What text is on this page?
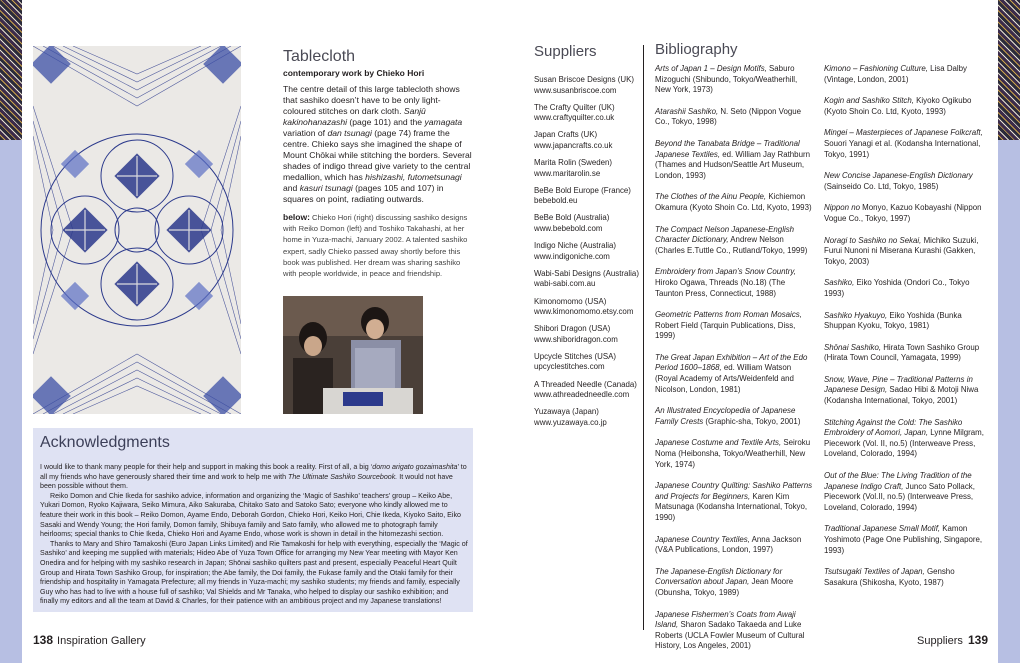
Tablecloth
contemporary work by Chieko Hori
The centre detail of this large tablecloth shows that sashiko doesn’t have to be only light-coloured stitches on dark cloth. Sanjū kakinohanazashi (page 101) and the yamagata variation of dan tsunagi (page 74) frame the centre. Chieko says she imagined the shape of Mount Chōkai while stitching the borders. Several shades of indigo thread give variety to the central medallion, which has hishizashi, futometsunagi and kasuri tsunagi (pages 105 and 107) in squares on point, radiating outwards.
below: Chieko Hori (right) discussing sashiko designs with Reiko Domon (left) and Toshiko Takahashi, at her home in Yuza-machi, January 2002. A talented sashiko expert, sadly Chieko passed away shortly before this book was published. Her dream was sharing sashiko with people worldwide, in peace and friendship.
Acknowledgments

I would like to thank many people for their help and support in making this book a reality. First of all, a big ‘domo arigato gozaimashita’ to all my friends who have generously shared their time and work to help me with The Ultimate Sashiko Sourcebook. It would not have been possible without them.

Reiko Domon and Chie Ikeda for sashiko advice, information and organizing the ‘Magic of Sashiko’ teachers’ group – Keiko Abe, Yukari Domon, Ryoko Kajiwara, Seiko Mimura, Aiko Sakuraba, Chitako Sato and Satoko Sato; everyone who kindly allowed me to feature their work in this book – Reiko Domon, Ayame Endo, Deborah Gordon, Chieko Hori, Keiko Hori, Chie Ikeda, Kiyoko Saito, Eiko Sasaki and Wendy Young; the Hori family, Domon family, Shibuya family and Sato family, who allowed me to photograph family heirlooms; special thanks to Chie Ikeda, Chieko Hori and Ayame Endo, whose work is shown in detail in the hitomezashi section.

Thanks to Mary and Shiro Tamakoshi (Euro Japan Links Limited) and Rie Tamakoshi for help with everything, especially the ‘Magic of Sashiko’ and keeping me supplied with materials; Hideo Abe of Yuza Town Office for arranging my New Year meeting with Mayor Ken Onedira and for helping with my sashiko research in Japan; Shōnai sashiko quilters past and present, especially Peaceful Heart Quilt Group and Hirata Town Sashiko Group, for inspiration; the Abe family, the Doi family, the Fukase family and the Otaki family for their friendship and hospitality in Yamagata Prefecture; all my friends in Yuza-machi; my sashiko students; my friends and family, especially Guy who has had to live with a house full of sashiko; Val Shields and Mr Tanaka, who helped to display our sashiko exhibition; and finally my editors and all the team at David & Charles, for their patience with an ambitious project and my Japanese translations!

138 Inspiration Gallery	Suppliers 139
Suppliers
Susan Briscoe Designs (UK)
www.susanbriscoe.com
The Crafty Quilter (UK)
www.craftyquilter.co.uk
Japan Crafts (UK)
www.japancrafts.co.uk
Marita Rolin (Sweden)
www.maritarolin.se
BeBe Bold Europe (France)
bebebold.eu
BeBe Bold (Australia)
www.bebebold.com
Indigo Niche (Australia)
www.indigoniche.com
Wabi-Sabi Designs (Australia)
wabi-sabi.com.au
Kimonomomo (USA)
www.kimonomomo.etsy.com
Shibori Dragon (USA)
www.shiboridragon.com
Upcycle Stitches (USA)
upcyclestitches.com
A Threaded Needle (Canada)
www.athreadedneedle.com
Yuzawaya (Japan)
www.yuzawaya.co.jp
Bibliography
Arts of Japan 1 – Design Motifs, Saburo Mizoguchi (Shibundo, Tokyo/Weatherhill, New York, 1973)
Atarashii Sashiko, N. Seto (Nippon Vogue Co., Tokyo, 1998)
Beyond the Tanabata Bridge – Traditional Japanese Textiles, ed. William Jay Rathburn (Thames and Hudson/Seattle Art Museum, London, 1993)
The Clothes of the Ainu People, Kichiemon Okamura (Kyoto Shoin Co. Ltd, Kyoto, 1993)
The Compact Nelson Japanese-English Character Dictionary, Andrew Nelson (Charles E.Tuttle Co., Rutland/Tokyo, 1999)
Embroidery from Japan’s Snow Country, Hiroko Ogawa, Threads (No.18) (The Taunton Press, Connecticut, 1988)
Geometric Patterns from Roman Mosaics, Robert Field (Tarquin Publications, Diss, 1999)
The Great Japan Exhibition – Art of the Edo Period 1600–1868, ed. William Watson (Royal Academy of Arts/Weidenfeld and Nicolson, London, 1981)
An Illustrated Encyclopedia of Japanese Family Crests (Graphic-sha, Tokyo, 2001)
Japanese Costume and Textile Arts, Seiroku Noma (Heibonsha, Tokyo/Weatherhill, New York, 1974)
Japanese Country Quilting: Sashiko Patterns and Projects for Beginners, Karen Kim Matsunaga (Kodansha International, Tokyo, 1990)
Japanese Country Textiles, Anna Jackson (V&A Publications, London, 1997)
The Japanese-English Dictionary for Conversation about Japan, Jean Moore (Obunsha, Tokyo, 1989)
Japanese Fishermen’s Coats from Awaji Island, Sharon Sadako Takaeda and Luke Roberts (UCLA Fowler Museum of Cultural History, Los Angeles, 2001)
Kimono – Fashioning Culture, Lisa Dalby (Vintage, London, 2001)
Kogin and Sashiko Stitch, Kiyoko Ogikubo (Kyoto Shoin Co. Ltd, Kyoto, 1993)
Mingei – Masterpieces of Japanese Folkcraft, Souori Yanagi et al. (Kodansha International, Tokyo, 1991)
New Concise Japanese-English Dictionary (Sainseido Co. Ltd, Tokyo, 1985)
Nippon no Monyo, Kazuo Kobayashi (Nippon Vogue Co., Tokyo, 1997)
Noragi to Sashiko no Sekai, Michiko Suzuki, Furui Nunoni ni Miserana Kurashi (Gakken, Tokyo, 2003)
Sashiko, Eiko Yoshida (Ondori Co., Tokyo 1993)
Sashiko Hyakuyo, Eiko Yoshida (Bunka Shuppan Kyoku, Tokyo, 1981)
Shōnai Sashiko, Hirata Town Sashiko Group (Hirata Town Council, Yamagata, 1999)
Snow, Wave, Pine – Traditional Patterns in Japanese Design, Sadao Hibi & Motoji Niwa (Kodansha International, Tokyo, 2001)
Stitching Against the Cold: The Sashiko Embroidery of Aomori, Japan, Lynne Milgram, Piecework (Vol. II, no.5) (Interweave Press, Loveland, Colorado, 1994)
Out of the Blue: The Living Tradition of the Japanese Indigo Craft, Junco Sato Pollack, Piecework (Vol.II, no.5) (Interweave Press, Loveland, Colorado, 1994)
Traditional Japanese Small Motif, Kamon Yoshimoto (Page One Publishing, Singapore, 1993)
Tsutsugaki Textiles of Japan, Gensho Sasakura (Shikosha, Kyoto, 1987)
